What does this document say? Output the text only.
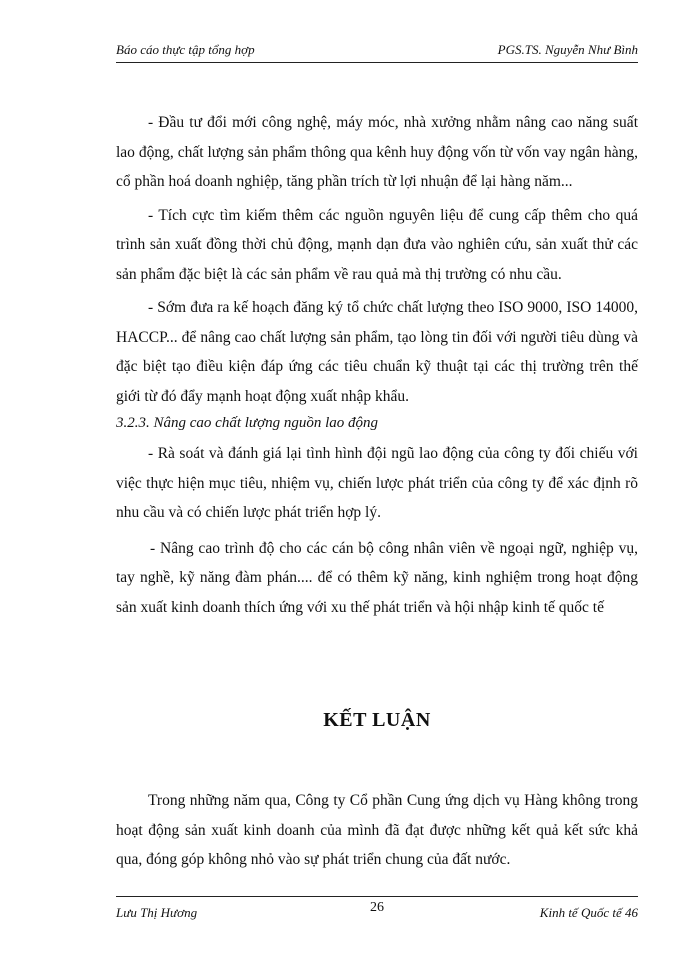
Báo cáo thực tập tổng hợp	PGS.TS. Nguyễn Như Bình

- Đầu tư đổi mới công nghệ, máy móc, nhà xưởng nhằm nâng cao năng suất lao động, chất lượng sản phẩm thông qua kênh huy động vốn từ vốn vay ngân hàng, cổ phần hoá doanh nghiệp, tăng phần trích từ lợi nhuận để lại hàng năm...

- Tích cực tìm kiếm thêm các nguồn nguyên liệu để cung cấp thêm cho quá trình sản xuất đồng thời chủ động, mạnh dạn đưa vào nghiên cứu, sản xuất thử các sản phẩm đặc biệt là các sản phẩm về rau quả mà thị trường có nhu cầu.

- Sớm đưa ra kế hoạch đăng ký tổ chức chất lượng theo ISO 9000, ISO 14000, HACCP... để nâng cao chất lượng sản phẩm, tạo lòng tin đối với người tiêu dùng và đặc biệt tạo điều kiện đáp ứng các tiêu chuẩn kỹ thuật tại các thị trường trên thế giới từ đó đẩy mạnh hoạt động xuất nhập khẩu.

3.2.3. Nâng cao chất lượng nguồn lao động

- Rà soát và đánh giá lại tình hình đội ngũ lao động của công ty đối chiếu với việc thực hiện mục tiêu, nhiệm vụ, chiến lược phát triển của công ty để xác định rõ nhu cầu và có chiến lược phát triển hợp lý.

- Nâng cao trình độ cho các cán bộ công nhân viên về ngoại ngữ, nghiệp vụ, tay nghề, kỹ năng đàm phán.... để có thêm kỹ năng, kinh nghiệm trong hoạt động sản xuất kinh doanh thích ứng với xu thế phát triển và hội nhập kinh tế quốc tế

KẾT LUẬN

Trong những năm qua, Công ty Cổ phần Cung ứng dịch vụ Hàng không trong hoạt động sản xuất kinh doanh của mình đã đạt được những kết quả kết sức khả qua, đóng góp không nhỏ vào sự phát triển chung của đất nước.

Lưu Thị Hương	26	Kinh tế Quốc tế 46
